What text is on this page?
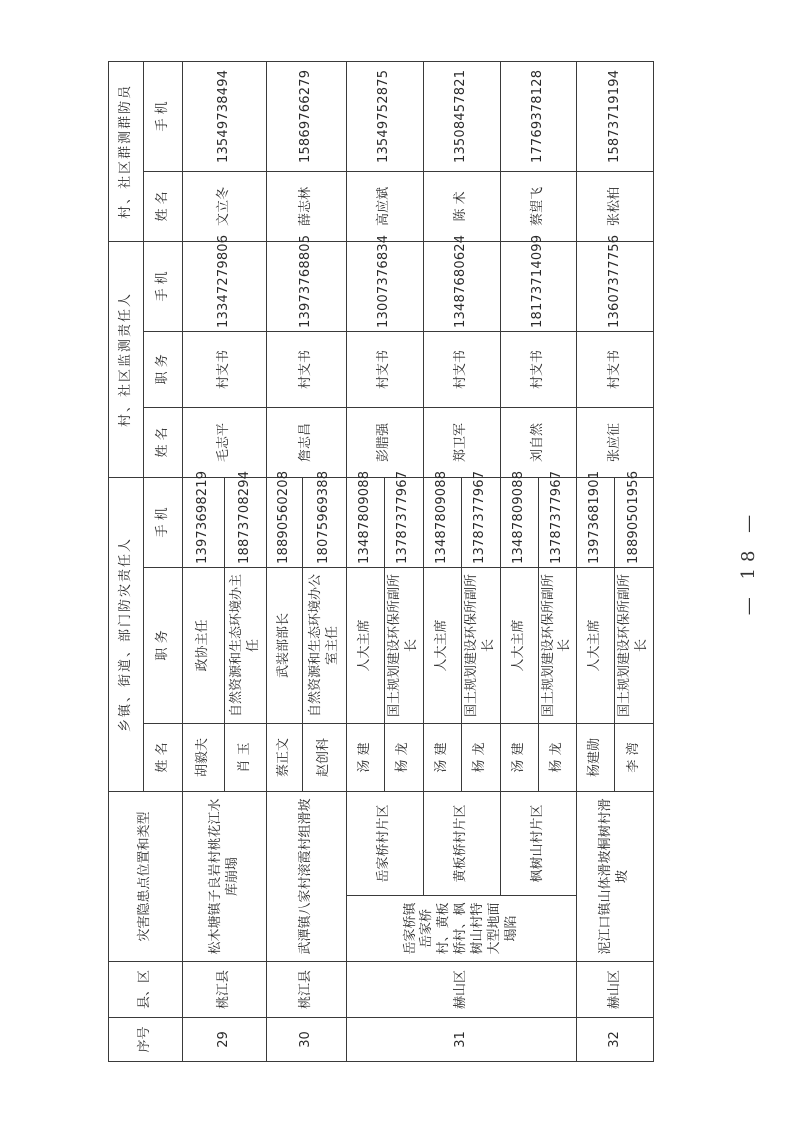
序号	县、区	灾害隐患点位置和类型		乡镇、街道、部门防灾责任人			村、社区监测责任人			村、社区群测群防员	
				姓 名	职 务	手 机	姓 名	职 务	手 机	姓 名	手 机
29	桃江县	松木塘镇子良岩村桃花江水库崩塌		胡毅夫	政协主任	13973698219	毛志平	村支书	13347279806	文立冬	13549738494
				肖 玉	自然资源和生态环境办主任	18873708294					
30	桃江县	武潭镇八家村滚霞村组滑坡		蔡正文	武装部部长	18890560208	詹志昌	村支书	13973768805	薛志林	15869766279
				赵创科	自然资源和生态环境办公室主任	18075969388					
31	赫山区	岳家桥镇岳家桥村、黄板桥村、枫树山村特大型地面塌陷	岳家桥村片区	汤 建	人大主席	13487809088	彭腊强	村支书	13007376834	高应斌	13549752875
				杨 龙	国土规划建设环保所副所长	13787377967					
			黄板桥村片区	汤 建	人大主席	13487809088	郑卫军	村支书	13487680624	陈 术	13508457821
				杨 龙	国土规划建设环保所副所长	13787377967					
			枫树山村片区	汤 建	人大主席	13487809088	刘自然	村支书	18173714099	蔡望飞	17769378128
				杨 龙	国土规划建设环保所副所长	13787377967					
32	赫山区	泥江口镇山体滑坡桐树村滑坡		杨建勋	人大主席	13973681901	张应征	村支书	13607377756	张松柏	15873719194
				李 湾	国土规划建设环保所副所长	18890501956						— 18 —
